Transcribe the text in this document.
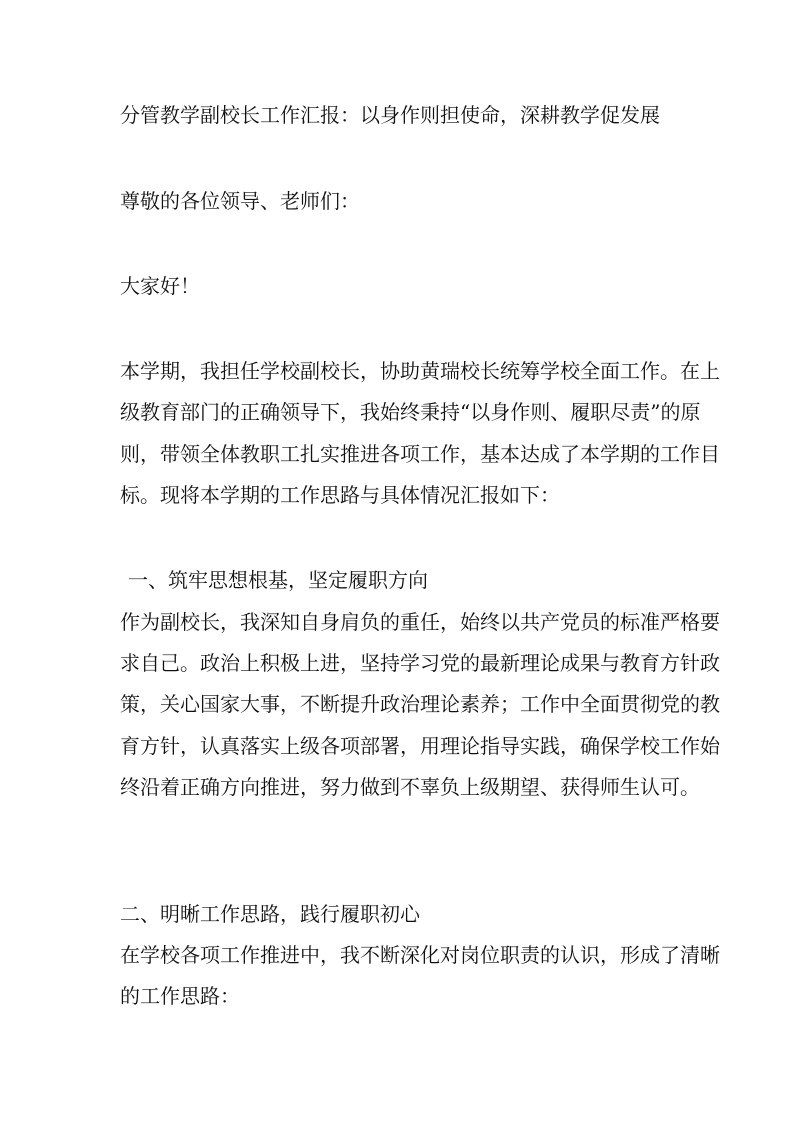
分管教学副校长工作汇报：以身作则担使命，深耕教学促发展
尊敬的各位领导、老师们：
大家好！
本学期，我担任学校副校长，协助黄瑞校长统筹学校全面工作。在上
级教育部门的正确领导下，我始终秉持“以身作则、履职尽责”的原
则，带领全体教职工扎实推进各项工作，基本达成了本学期的工作目
标。现将本学期的工作思路与具体情况汇报如下：
一、筑牢思想根基，坚定履职方向
作为副校长，我深知自身肩负的重任，始终以共产党员的标准严格要
求自己。政治上积极上进，坚持学习党的最新理论成果与教育方针政
策，关心国家大事，不断提升政治理论素养；工作中全面贯彻党的教
育方针，认真落实上级各项部署，用理论指导实践，确保学校工作始
终沿着正确方向推进，努力做到不辜负上级期望、获得师生认可。
二、明晰工作思路，践行履职初心
在学校各项工作推进中，我不断深化对岗位职责的认识，形成了清晰
的工作思路：
